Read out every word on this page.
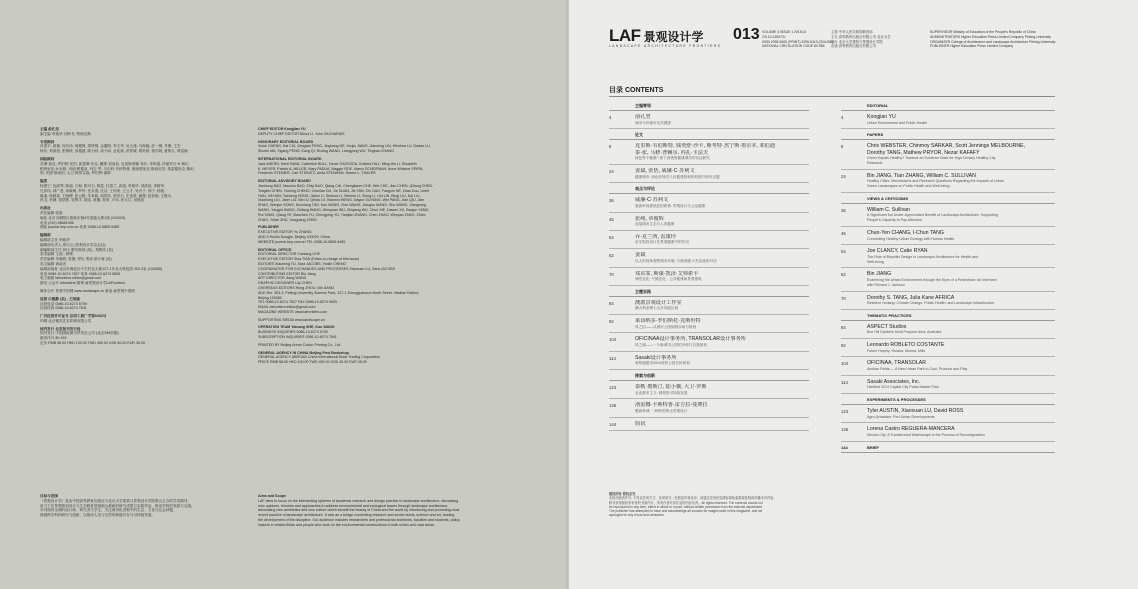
主编 俞孔坚
副主编 李迪华 付梅 孔·特朗克斯
专家顾问
肖建平, 唐雄, 何历伟, 何健保, 蒙特维, 金鑫阳, 李文华, 吴大速, 马朗毅, 彭一刚, 齐康, 王宏
杨东, 刘滨谊, 张锦秋, 邹德慈, 陈为邦, 周干峙, 孟兆祯, 洪铁城, 郑时龄, 钱学明, 夏铸九, 黄富厢
国际顾问
苏珊·迪克, 罗伯特·托伯, 凯瑟琳·布拉, 戴维·加西亚, 克里斯蒂娜·希尔, 李鸣翔, 伊丽莎白·K·梅尔,
帕特里克·A·米勒, 玛丽·帕德亚, 玛吉·罗, 马尔科·肖伊特曼, 佛里德里克·斯坦尼茨, 弗雷德里克·斯坦
纳, 安德·斯坦因, 大卫·斯蒂芬森, 罗伯特·塞耶
编委
杨建宁, 包丽琴, 陈福, 白柯, 陈可石, 陈雷, 杜春兰, 高翅, 李迪华, 刘滨谊, 李树华,
孔祥伟, 林广思, 刘晓明, 罗华, 任京燕, 沈洁, 王向荣, 王云才, 吴丹子, 徐宁, 杨锐,
姚朋, 杨晓春, 王晓俊, 张云路, 朱育帆, 周国年, 张晋石, 庄优波, 翟俊, 赵智聪, 王胜永,
孙卫, 李静, 曾跃栋, 吴隽宇, 胡洁, 黄刚, 詹荣, 卢冰, 孙大江, 吴焕加
出版社
责任编辑 张晗
地址 北京市朝阳区惠新东街4号富盛大厦1座 (100029)
电话 (010) 58581096
网址 journal.hep.com.cn 传真 0086-10-5865 6485
编辑部
编辑部主任 李迪华
编辑部负责人 廖巧云 (景观设计学杂志社)
副编辑部主任 伊比·霍布斯蒂 (英) , 郑锡芳 (英)
美术编辑 王丽 , 林珊
责任编辑 朱晓燕, 张静, 伊比·弗洛 胡小蓉 (美)
英文编辑 黄淑贞
编辑部地址 北京市海淀区中关村北大街127-1号北大科技园 303-3室 (100080)
电话 0086-10-6274 7827 传真 0086-10-6274 5605
电子邮箱 lafrontiers.editor@gmail.com
微信 公众号 lafrontiers 微博 @景观设计学LAFrontiers
媒体合作 景观中国网 www.landscape.cn 新浪 @景观中国网
运营 白雅静 (美) , 王雨涵
运营电话 0086-10-6274 5759
运营传真 0086-10-6274 7841
广告经营许可证号 京西工商广字第0432号
印刷 北京雅昌艺术印刷有限公司
国内发行 北京报刊发行局
国外发行 中国国际图书贸易总公司 (北京399信箱)
邮发代号 80-993
定价 RMB 58.00 HKD 100.00 TWD 450.00 USD 40.00 EUR 35.00
CHIEF EDITOR Kongjian YU
DEPUTY CHIEF EDITOR Dihua LI, John ZACHARIAS
HONORARY EDITORIAL BOARD
Xiuke CHENG, Kai CUI, Zengwei FENG, Jinghang HE, Youjiu JIANG, Jianming LIN, Wenhua LU, Dadao LU,
Shuxin MA, Yigang PENG, Kang QI, Ruxing WANG, Liangyong WU, Tinghao ZHANG
INTERNATIONAL EDITORIAL BOARD
Jack AHERN, Henri BAVA, Catherine BULL, Dever GAZVODA, Kristina HILL, Ming-Hsi LI, Elizabeth
K. MEYER, Patrick A. MILLER, Mary PADUA, Maggie ROE, Marco SCHEIFMAN, Anne Whiston SPIRN,
Frederick STEINER, Carl STEINITZ, Anita STENHAM, Robert L. THAYER
EDITORIAL ADVISORY BOARD
Jianhong BAO, Maozhu BAO, Zhiyi BAO, Qiang CAI, Chenglianm CHE, Wei CHE, Jian CHEN, Qiliang CHEN,
Tongbin CHEN, Yuming CHENG, Chunlan DU, Jie DUAN, Jie FAN, Chi GAO, Fangxin HE, Zhan Dou, Linfei
HAN, Xili HAN, Yacheng HONG, Jiakui LI, Shuhua LI, Weimin LI, Xiong LI, Hui LIN, Bingi LIU, Kai LIU,
Xiaohong LIU, Jiwei LIU, Bin LV, Qindu LV, Xianmin WENG, Dayun OUYANG, Wei PANG, Jian QIU, Jian
SHAO, Wenjun SONG, Kunxiang TAN, Kun WANG, Xiao WANG, Jianguo WANG, Shu WANG, Xiangrong
WANG, Yangjin WANG, Zhifang WANG, Wenyuan WU, Zhiqiang WU, Chun XIE, Dawen XU, Baojun YANG,
Rui YANG, Qiang YE, Baozhen YU, Chengping YU, Tianjian ZHANG, Chen ZHAO, Wenyan ZHAO, Zhibo
ZHAO, Yufan ZHU, Yaoguang ZONG
PUBLISHER
EXECUTIVE EDITOR Yu ZHANG
ADD 4 Huixin Dongjie, Beijing 100029, China
WEBSITE journal.hep.com.cn TEL 0086-10-5865 6485
EDITORIAL OFFICE
EDITORIAL DIRECTOR Yuekang CHE
EXECUTIVE EDITOR Sina TIAN (Editor-in-charge of this issue)
EDITORS Xiaoming TU, Sara JACOBS, Yanlin CHENG
COORDINATOR FOR EXCHANGES AND PROCESSES Xiaoxuan LU, Sara JACOBS
CONTRIBUTING EDITOR Bin Jiang
ART DIRECTOR Jiang WANG
GRAPHIC DESIGNER Lily CHEN
OVERSEAS EDITORS Hong ZHOU, Bin JIANG
ADD Rm. 303-3, Peking University Science Park, 127-1 Zhongguancun North Street, Haidian District,
Beijing 100080
TEL 0086-10-6274 7827 FAX 0086-10-6274 5605
EMAIL lafrontiers.editor@gmail.com
MAGAZINE WEBSITE www.lafrontiers.com
SUPPORTING MEDIA www.landscape.cn
OPERATION TEAM Yaluang SHE, Kuo WANG
BUSINESS INQUIRIES 0086-10-6274 5759
SUBSCRIPTION INQUIRIES 0086-10-6274 7841
PRINTED BY Beijing Artron Colour Printing Co., Ltd.
GENERAL AGENCY IN CHINA Beijing Post Bookshop
GENERAL AGENCY ABROAD China International Book Trading Corporation
PRICE RMB 58.00 HKD 100.00 TWD 450.00 USD 40.00 EUR 35.00
目标与范围
《景观设计学》是由中国高等教育出版社与北京大学建筑与景观设计学院联合主办的学术期刊，
致力于在景观规划设计与生态修复领域展示最新的研究成果与实践作品，推动学科的发展与交流。
本刊面向全球的设计师、研究者与学生，关注城市化进程中的生态、文化与社会问题，
鼓励跨学科的研究与创新，以推动人类与自然的和谐共存与可持续发展。
Aims and Scope
LAF aims to focus on the intersecting spheres of academic research and design practice in landscape architecture, discussing
new opinions, theories and approaches to address environmental and ecological issues through landscape architecture,
advocating new aesthetics and new culture which benefit the beauty of China and the world by introducing and promoting most
recent practice of landscape architecture. It acts as a bridge connecting research and social needs, science and art, leading
the development of the discipline. Our audience includes researchers and professional architects, faculties and students, policy
makers in related fields and people who work on the environmental constructions in both urban and rural areas.
LAF 景观设计学
LANDSCAPE ARCHITECTURE FRONTIERS
013 VOLUME 3 ISSUE 1 2015.02
CN 10-1150/TU
ISSN 2095-5405 (PRINT) 2095-5413 (ONLINE)
NATIONAL CIRCULATION CODE 80-985
主管 中华人民共和国教育部
主办 高等教育出版社有限公司 北京大学
承办 北京大学建筑与景观设计学院
出版 高等教育出版社有限公司
SUPERVISOR Ministry of Education of the People's Republic of China
ADMINISTRATORS Higher Education Press Limited Company Peking University
ORGANIZER College of Architecture and Landscape Architecture Peking University
PUBLISHER Higher Education Press Limited Company
目录 CONTENTS
主编寄语
4	俞孔坚
城市与环境可以共健康
论文
8	克里斯·韦伯斯特, 钱奕舒·沙卡, 斯考特·杰宁斯·墨尔本, 邓伯迪
泰·张, 马修·普赖尔, 内扎·卡法夫
绿色等于健康? 基于高密度健康城市的实证研究
24	姜斌, 张恬, 威廉·C·苏利文
健康城市: 绿色环境对人体健康影响的机制与研究议题
观点与评论
36	威廉·C·苏利文
重新审视被低估的联系: 景观设计与公众健康
45	张纯, 章俊辉
连接城市生态与人类健康
54	乔·克兰西, 雷康玲
亲生物性设计在景观健康中的作用
62	姜斌
以人的视角观察城市环境: 与理查德·J·杰克逊的对话
70	邓东霏, 斯康·凯泽·艾弗索卡
弹性变化: 气候变化、公共健康和景观建筑
主题实践
84	澳派景观设计工作室
澳大利亚博士山多功能区域
92	莱昂纳多·罗伯斯托·克斯坦特
风之田——从城市公园到游乐场与规划
104	OFICINAA设计事务所, TRANSOLAR设计事务所
风之城——一个新城市公园的冷却与自我规划
114	Sasaki设计事务所
哈特福德市2014首府公园总体规划
探索与创新
123	泰勒·奥斯汀, 陆小骥, 大卫·罗斯
农业都市主义: 城郊的可持续发展
136	洛雷娜·卡斯特鲁·雷吉拉-曼赛拉
墨西哥城: 一种转型的水景观设计
144	简讯
EDITORIAL
4	Kongjian YU
Urban Environment and Public Health
PAPERS
8	Chris WEBSTER, Chinmoy SARKAR, Scott Jennings MELBOURNE,
Dorothy TANG, Mathew PRYOR, Nezar KAFAFY
Green Equals Healthy? Towards an Evidence Base for High Density Healthy City
Research
24	Bin JIANG, Tian ZHANG, William C. SULLIVAN
Healthy Cities: Mechanisms and Research Questions Regarding the Impacts of Urban
Green Landscapes on Public Health and Well-being
VIEWS & CRITICISMS
36	William C. Sullivan
A Significant but Under-Appreciated Benefit of Landscape Architecture: Supporting
People's Capacity to Pay Attention
45	Chun-Yen CHANG, I-Chun TANG
Connecting Healthy Urban Ecology with Human Health
54	Joe CLANCY, Catie RYAN
The Role of Biophilic Design in Landscape Architecture for Health and
Well-being
62	Bin JIANG
Examining the Urban Environment through the Eyes of a Pedestrian: An Interview
with Richard J. Jackson
70	Dorothy S. TANG, Julia Kane AFRICA
Resilient Yuxiang: Climate Change, Public Health, and Landscape Infrastructure
THEMATIC PRACTICES
84	ASPECT Studios
Box Hill Gardens Multi Purpose Area, Australia
92	Leonardo ROBLETO COSTANTE
Future Hopely: Hulana, Meuna, Mills
104	OFICINAA, TRANSOLAR
Aeolian Fields — A New Urban Park to Cool, Produce and Play
114	Sasaki Associates, Inc.
Hartford 2014 Capital City Parks Master Plan
EXPERIMENTS & PROCESSES
123	Tyler AUSTIN, Xiaoxuan LU, David ROSS
Agro-Urbanism: Peri-Urban Developments
136	Lorena Castro REGUERA-MANCERA
Mexico City: A Transformed Waterscape in the Process of Reconfiguration
144	BRIEF
版权所有 侵权必究
未经出版者许可, 不得以任何方式、任何形式（包括复印和录音）或通过任何信息储存和检索系统复制或传播本刊内容,
除非获得版权所有者的书面许可。所有作者对其作品的内容负责。All rights reserved. The contents should not
be reproduced in any form, either in whole or in part, without written permission from the editorial department.
The publisher has attempted to trace and acknowledge all sources for images used in this magazine, and we
apologize for any errors and omissions.
